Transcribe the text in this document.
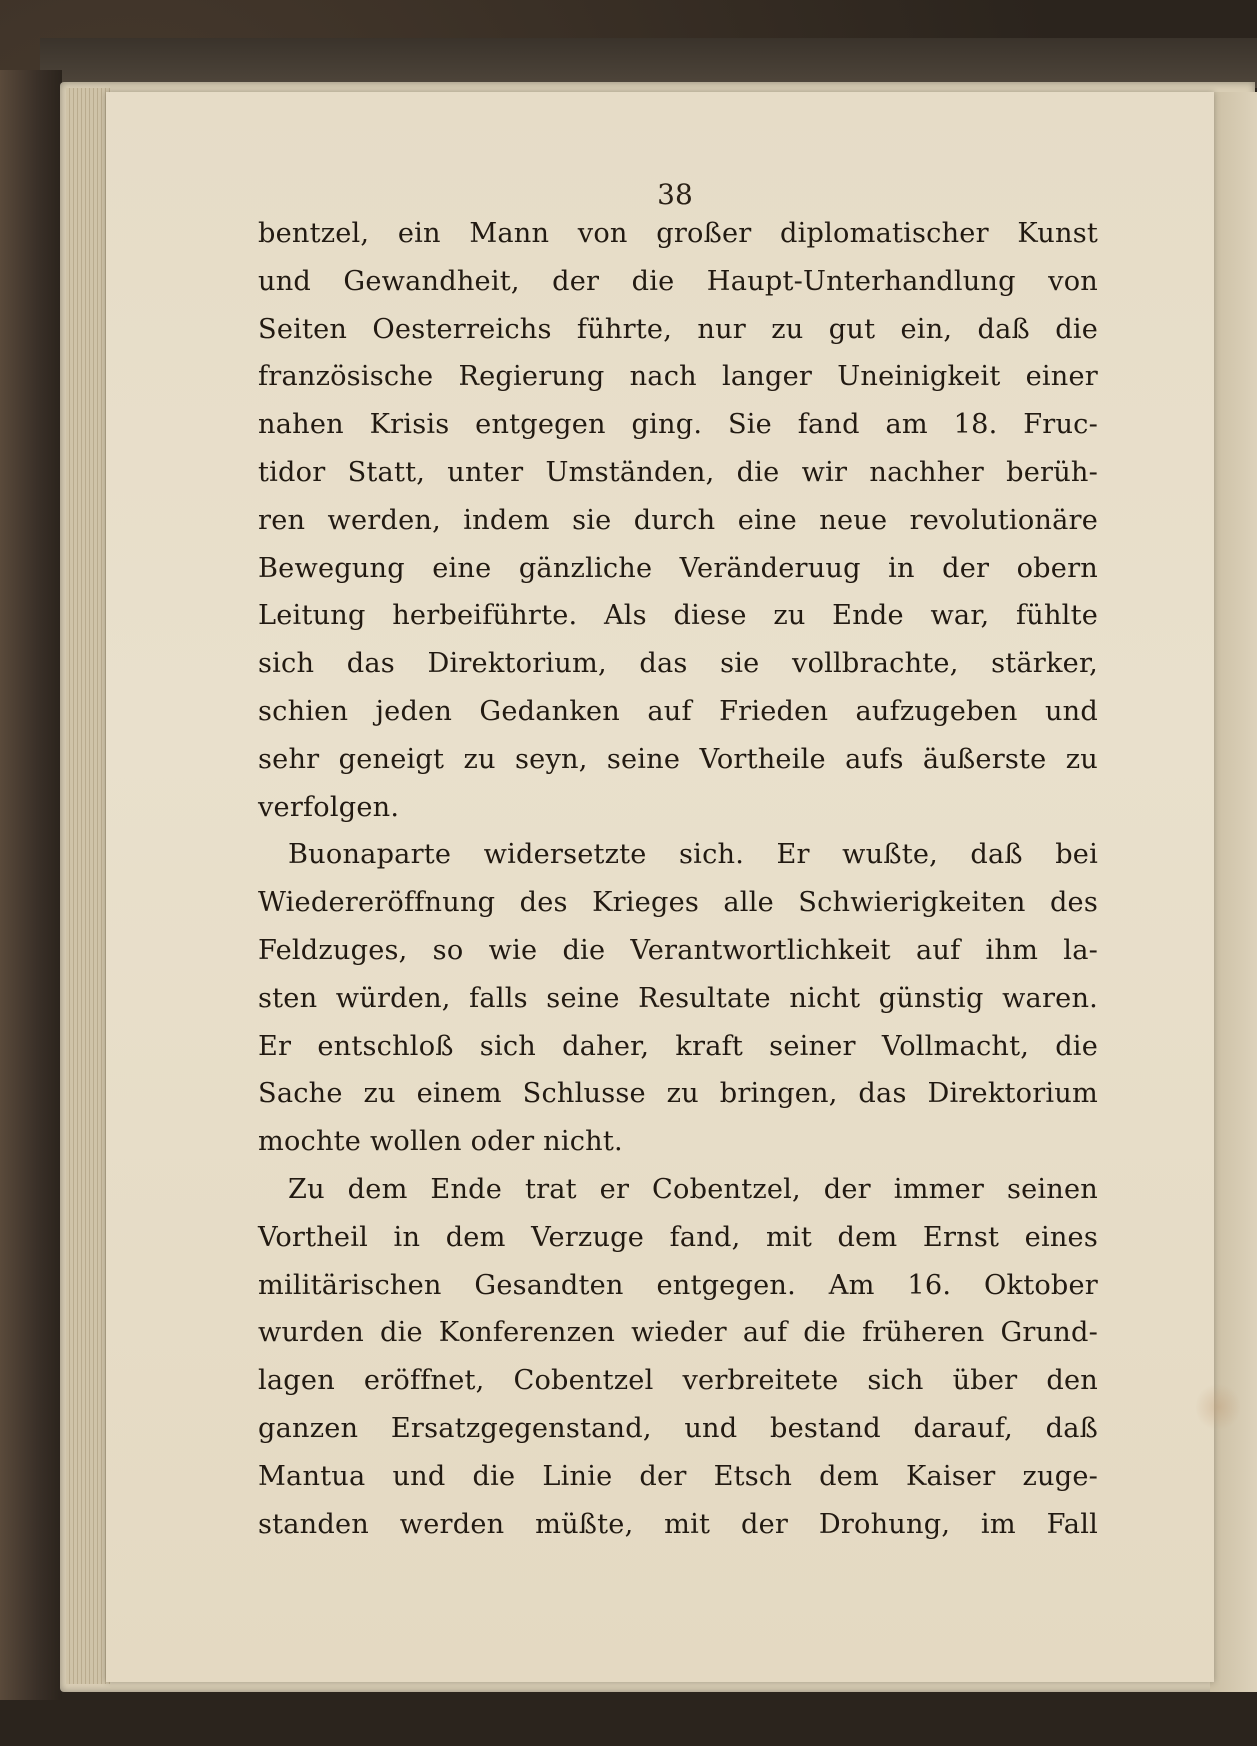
38
bentzel, ein Mann von großer diplomatischer Kunst
und Gewandheit, der die Haupt-Unterhandlung von
Seiten Oesterreichs führte, nur zu gut ein, daß die
französische Regierung nach langer Uneinigkeit einer
nahen Krisis entgegen ging. Sie fand am 18. Fruc-
tidor Statt, unter Umständen, die wir nachher berüh-
ren werden, indem sie durch eine neue revolutionäre
Bewegung eine gänzliche Veränderuug in der obern
Leitung herbeiführte. Als diese zu Ende war, fühlte
sich das Direktorium, das sie vollbrachte, stärker,
schien jeden Gedanken auf Frieden aufzugeben und
sehr geneigt zu seyn, seine Vortheile aufs äußerste zu
verfolgen.
Buonaparte widersetzte sich. Er wußte, daß bei
Wiedereröffnung des Krieges alle Schwierigkeiten des
Feldzuges, so wie die Verantwortlichkeit auf ihm la-
sten würden, falls seine Resultate nicht günstig waren.
Er entschloß sich daher, kraft seiner Vollmacht, die
Sache zu einem Schlusse zu bringen, das Direktorium
mochte wollen oder nicht.
Zu dem Ende trat er Cobentzel, der immer seinen
Vortheil in dem Verzuge fand, mit dem Ernst eines
militärischen Gesandten entgegen. Am 16. Oktober
wurden die Konferenzen wieder auf die früheren Grund-
lagen eröffnet, Cobentzel verbreitete sich über den
ganzen Ersatzgegenstand, und bestand darauf, daß
Mantua und die Linie der Etsch dem Kaiser zuge-
standen werden müßte, mit der Drohung, im Fall
